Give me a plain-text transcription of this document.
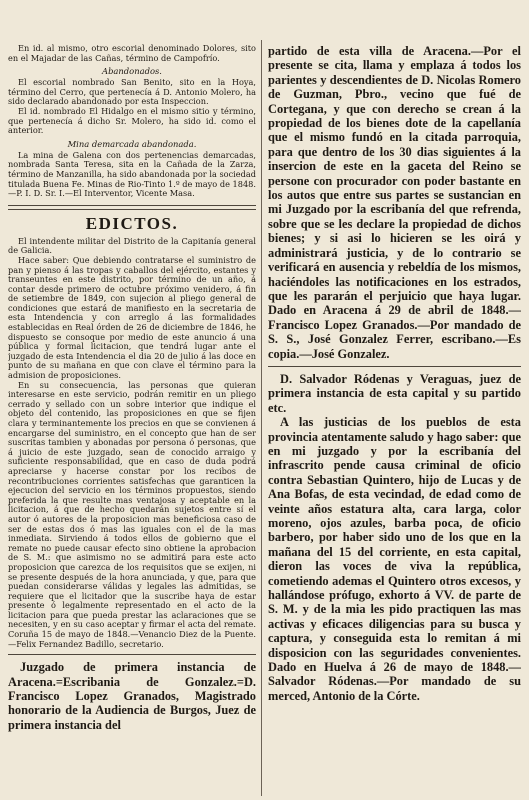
En id. al mismo, otro escorial denominado Dolores, sito en el Majadar de las Cañas, término de Campofrío.

Abandonados.

El escorial nombrado San Benito, sito en la Hoya, término del Cerro, que pertenecía á D. Antonio Molero, ha sido declarado abandonado por esta Inspeccion.

El id. nombrado El Hidalgo en el mismo sitio y término, que pertenecía á dicho Sr. Molero, ha sido id. como el anterior.

Mina demarcada abandonada.

La mina de Galena con dos pertenencias demarcadas, nombrada Santa Teresa, sita en la Cañada de la Zarza, término de Manzanilla, ha sido abandonada por la sociedad titulada Buena Fe. Minas de Rio-Tinto 1.º de mayo de 1848.—P. I. D. Sr. I.—El Interventor, Vicente Masa.

EDICTOS.

El intendente militar del Distrito de la Capitanía general de Galicia.

Hace saber: Que debiendo contratarse el suministro de pan y pienso á las tropas y caballos del ejército, estantes y transeuntes en este distrito, por término de un año, á contar desde primero de octubre próximo venidero, á fin de setiembre de 1849, con sujecion al pliego general de condiciones que estará de manifiesto en la secretaria de esta Intendencia y con arreglo á las formalidades establecidas en Real órden de 26 de diciembre de 1846, he dispuesto se consoque por medio de este anuncio á una pública y formal licitacion, que tendrá lugar ante el juzgado de esta Intendencia el dia 20 de julio á las doce en punto de su mañana en que con clave el término para la admision de proposiciones.

En su consecuencia, las personas que quieran interesarse en este servicio, podrán remitir en un pliego cerrado y sellado con un sobre interior que indique el objeto del contenido, las proposiciones en que se fijen clara y terminantemente los precios en que se convienen á encargarse del suministro, en el concepto que han de ser suscritas tambien y abonadas por persona ó personas, que á juicio de este juzgado, sean de conocido arraigo y suficiente responsabilidad, que en caso de duda podrá apreciarse y hacerse constar por los recibos de recontribuciones corrientes satisfechas que garanticen la ejecucion del servicio en los términos propuestos, siendo preferida la que resulte mas ventajosa y aceptable en la licitacion, á que de hecho quedarán sujetos entre sí el autor ó autores de la proposicion mas beneficiosa caso de ser de estas dos ó mas las iguales con el de la mas inmediata. Sirviendo á todos ellos de gobierno que el remate no puede causar efecto sino obtiene la aprobacion de S. M.: que asimismo no se admitirá para este acto proposicion que carezca de los requisitos que se exijen, ni se presente después de la hora anunciada, y que, para que puedan considerarse válidas y legales las admitidas, se requiere que el licitador que la suscribe haya de estar presente ó legalmente representado en el acto de la licitacion para que pueda prestar las aclaraciones que se necesiten, y en su caso aceptar y firmar el acta del remate. Coruña 15 de mayo de 1848.—Venancio Diez de la Puente.—Felix Fernandez Badillo, secretario.

Juzgado de primera instancia de Aracena.=Escribania de Gonzalez.=D. Francisco Lopez Granados, Magistrado honorario de la Audiencia de Burgos, Juez de primera instancia del

partido de esta villa de Aracena.—Por el presente se cita, llama y emplaza á todos los parientes y descendientes de D. Nicolas Romero de Guzman, Pbro., vecino que fué de Cortegana, y que con derecho se crean á la propiedad de los bienes dote de la capellanía que el mismo fundó en la citada parroquia, para que dentro de los 30 dias siguientes á la insercion de este en la gaceta del Reino se persone con procurador con poder bastante en los autos que entre sus partes se sustancian en mi Juzgado por la escribanía del que refrenda, sobre que se les declare la propiedad de dichos bienes; y si asi lo hicieren se les oirá y administrará justicia, y de lo contrario se verificará en ausencia y rebeldía de los mismos, haciéndoles las notificaciones en los estrados, que les pararán el perjuicio que haya lugar. Dado en Aracena á 29 de abril de 1848.—Francisco Lopez Granados.—Por mandado de S. S., José Gonzalez Ferrer, escribano.—Es copia.—José Gonzalez.

D. Salvador Ródenas y Veraguas, juez de primera instancia de esta capital y su partido etc.

A las justicias de los pueblos de esta provincia atentamente saludo y hago saber: que en mi juzgado y por la escribanía del infrascrito pende causa criminal de oficio contra Sebastian Quintero, hijo de Lucas y de Ana Bofas, de esta vecindad, de edad como de veinte años estatura alta, cara larga, color moreno, ojos azules, barba poca, de oficio barbero, por haber sido uno de los que en la mañana del 15 del corriente, en esta capital, dieron las voces de viva la república, cometiendo ademas el Quintero otros excesos, y hallándose prófugo, exhorto á VV. de parte de S. M. y de la mia les pido practiquen las mas activas y eficaces diligencias para su busca y captura, y conseguida esta lo remitan á mi disposicion con las seguridades convenientes. Dado en Huelva á 26 de mayo de 1848.—Salvador Ródenas.—Por mandado de su merced, Antonio de la Córte.
